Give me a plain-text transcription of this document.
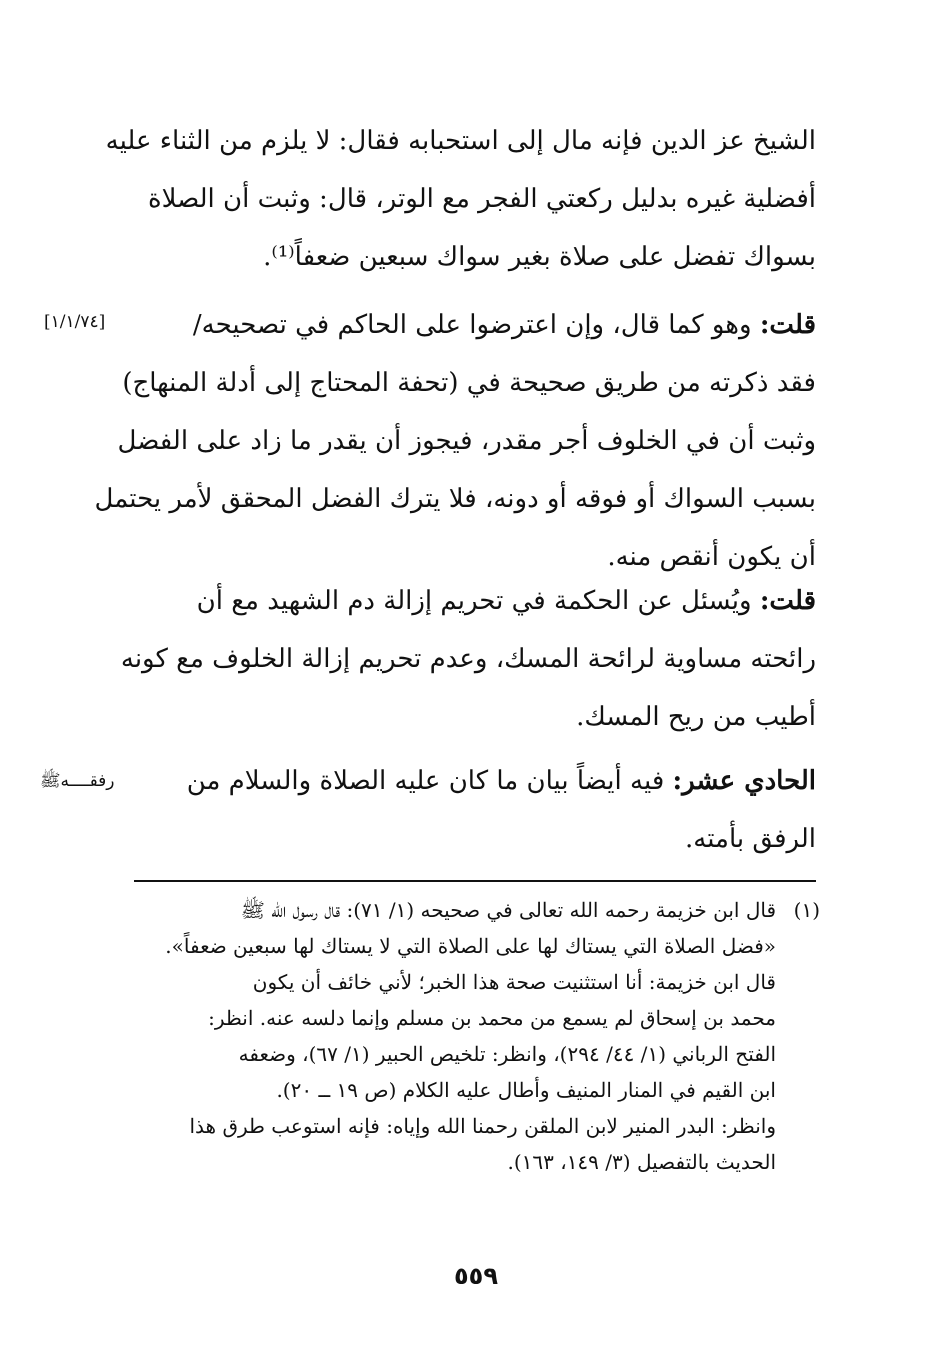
الشيخ عز الدين فإنه مال إلى استحبابه فقال: لا يلزم من الثناء عليه
أفضلية غيره بدليل ركعتي الفجر مع الوتر، قال: وثبت أن الصلاة
بسواك تفضل على صلاة بغير سواك سبعين ضعفاً⁽¹⁾.
قلت: وهو كما قال، وإن اعترضوا على الحاكم في تصحيحه/
فقد ذكرته من طريق صحيحة في (تحفة المحتاج إلى أدلة المنهاج)
وثبت أن في الخلوف أجر مقدر، فيجوز أن يقدر ما زاد على الفضل
بسبب السواك أو فوقه أو دونه، فلا يترك الفضل المحقق لأمر يحتمل
أن يكون أنقص منه.
[١/١/٧٤]
قلت: ويُسئل عن الحكمة في تحريم إزالة دم الشهيد مع أن
رائحته مساوية لرائحة المسك، وعدم تحريم إزالة الخلوف مع كونه
أطيب من ريح المسك.
الحادي عشر: فيه أيضاً بيان ما كان عليه الصلاة والسلام من
الرفق بأمته.
رفقــــهﷺ
(١)قال ابن خزيمة رحمه الله تعالى في صحيحه (١/ ٧١): قال رسول الله ﷺ
«فضل الصلاة التي يستاك لها على الصلاة التي لا يستاك لها سبعين ضعفاً».
قال ابن خزيمة: أنا استثنيت صحة هذا الخبر؛ لأني خائف أن يكون
محمد بن إسحاق لم يسمع من محمد بن مسلم وإنما دلسه عنه. انظر:
الفتح الرباني (١/ ٤٤/ ٢٩٤)، وانظر: تلخيص الحبير (١/ ٦٧)، وضعفه
ابن القيم في المنار المنيف وأطال عليه الكلام (ص ١٩ ــ ٢٠).
وانظر: البدر المنير لابن الملقن رحمنا الله وإياه: فإنه استوعب طرق هذا
الحديث بالتفصيل (٣/ ١٤٩، ١٦٣).
٥٥٩
